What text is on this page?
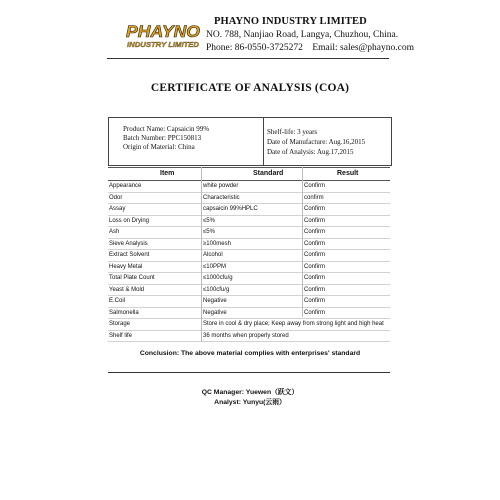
PHAYNO
INDUSTRY LIMITED
PHAYNO INDUSTRY LIMITED
NO. 788, Nanjiao Road, Langya, Chuzhou, China.
Phone: 86-0550-3725272    Email: sales@phayno.com
CERTIFICATE OF ANALYSIS (COA)
Product Name: Capsaicin 99%
Batch Number: PPC150813
Origin of Material: China
Shelf-life: 3 years
Date of Manufacture: Aug.16,2015
Date of Analysis: Aug.17,2015
Item	Standard	Result
Appearance	white powder	Confirm
Odor	Characteristic	confirm
Assay	capsaicin 99%HPLC	Confirm
Loss on Drying	≤5%	Confirm
Ash	≤5%	Confirm
Sieve Analysis	≥100mesh	Confirm
Extract Solvent	Alcohol	Confirm
Heavy Metal	≤10PPM	Confirm
Total Plate Count	≤1000cfu/g	Confirm
Yeast & Mold	≤100cfu/g	Confirm
E.Coil	Negative	Confirm
Salmonella	Negative	Confirm
Storage	Store in cool & dry place; Keep away from strong light and high heat
Shelf life	36 months when properly stored
Conclusion: The above material complies with enterprises' standard
QC Manager: Yuewen（跃文）
Analyst: Yunyu(云雨）
